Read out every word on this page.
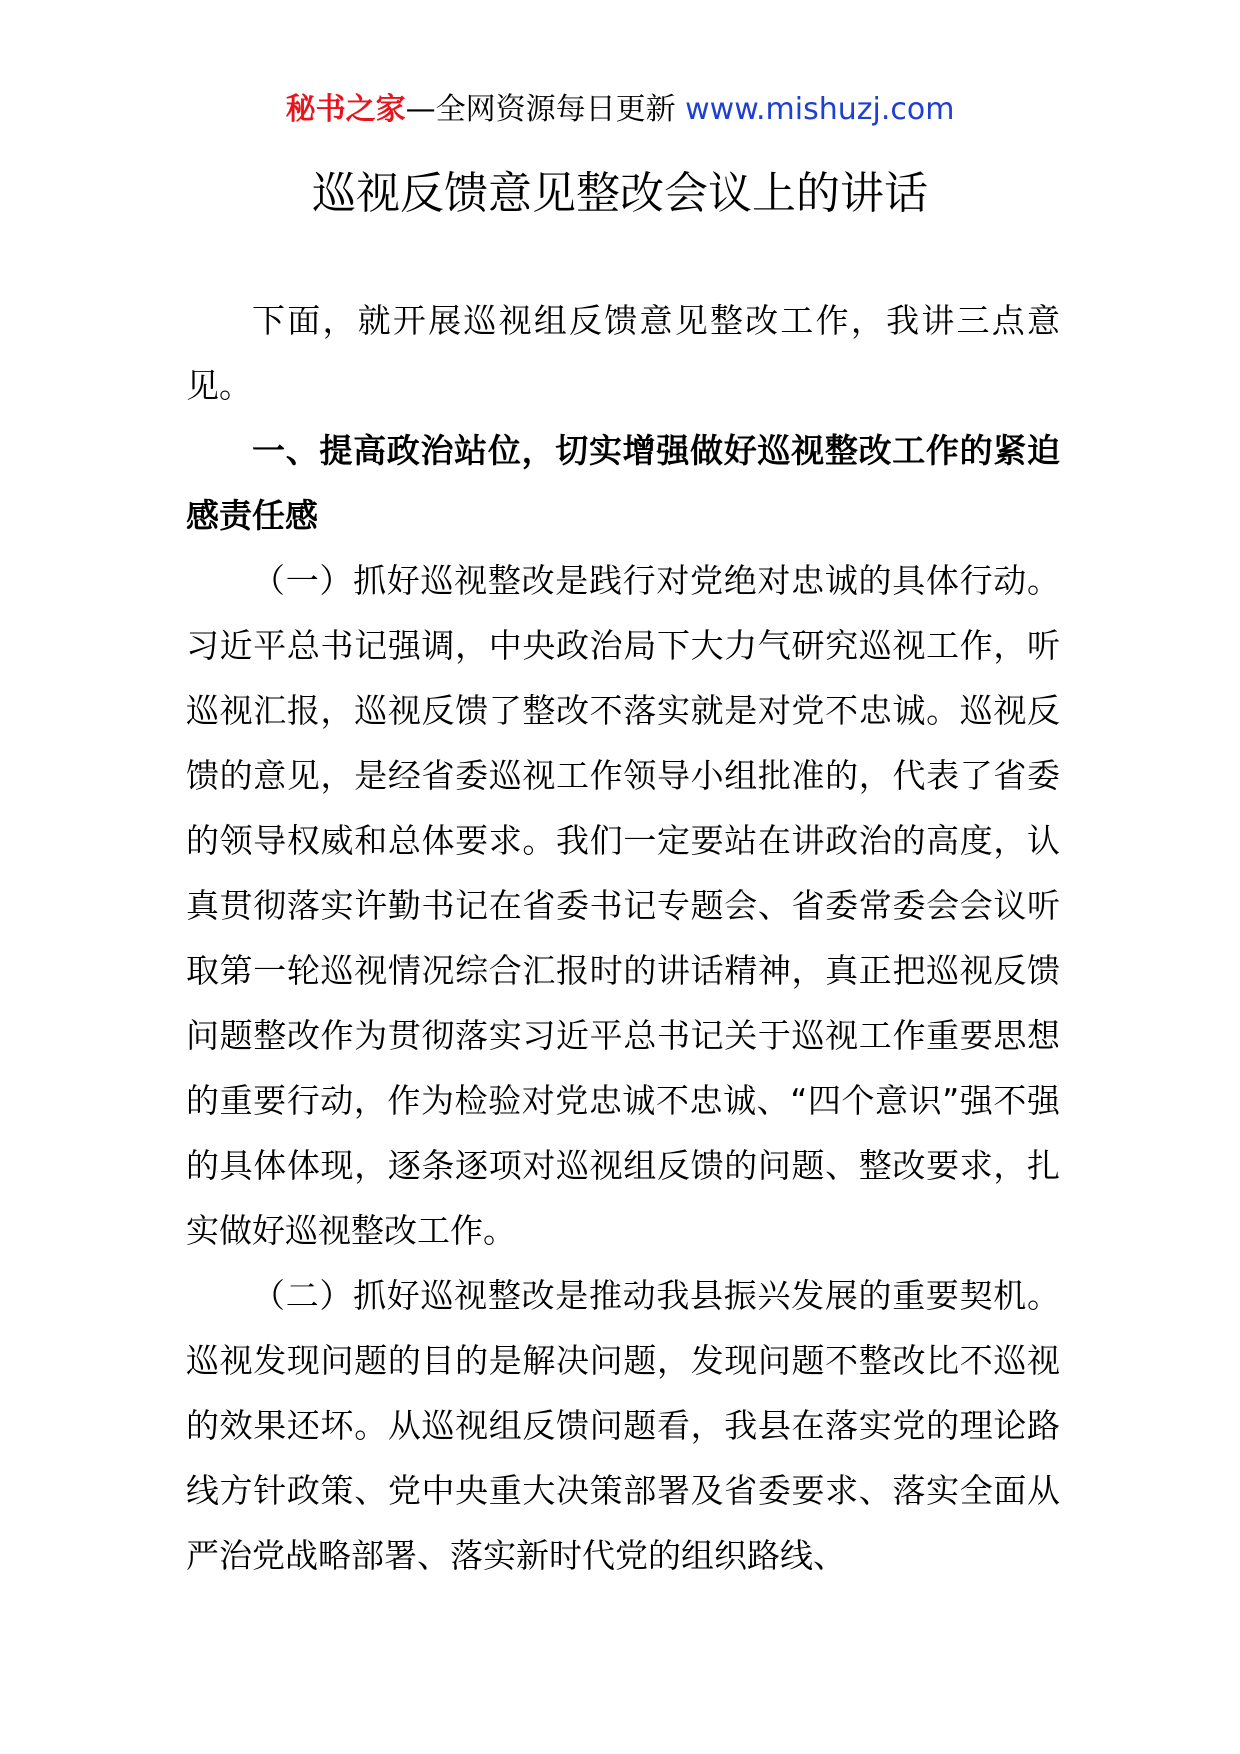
秘书之家—全网资源每日更新 www.mishuzj.com
巡视反馈意见整改会议上的讲话

下面，就开展巡视组反馈意见整改工作，我讲三点意见。

一、提高政治站位，切实增强做好巡视整改工作的紧迫感责任感

（一）抓好巡视整改是践行对党绝对忠诚的具体行动。习近平总书记强调，中央政治局下大力气研究巡视工作，听巡视汇报，巡视反馈了整改不落实就是对党不忠诚。巡视反馈的意见，是经省委巡视工作领导小组批准的，代表了省委的领导权威和总体要求。我们一定要站在讲政治的高度，认真贯彻落实许勤书记在省委书记专题会、省委常委会会议听取第一轮巡视情况综合汇报时的讲话精神，真正把巡视反馈问题整改作为贯彻落实习近平总书记关于巡视工作重要思想的重要行动，作为检验对党忠诚不忠诚、“四个意识”强不强的具体体现，逐条逐项对巡视组反馈的问题、整改要求，扎实做好巡视整改工作。

（二）抓好巡视整改是推动我县振兴发展的重要契机。巡视发现问题的目的是解决问题，发现问题不整改比不巡视的效果还坏。从巡视组反馈问题看，我县在落实党的理论路线方针政策、党中央重大决策部署及省委要求、落实全面从严治党战略部署、落实新时代党的组织路线、
